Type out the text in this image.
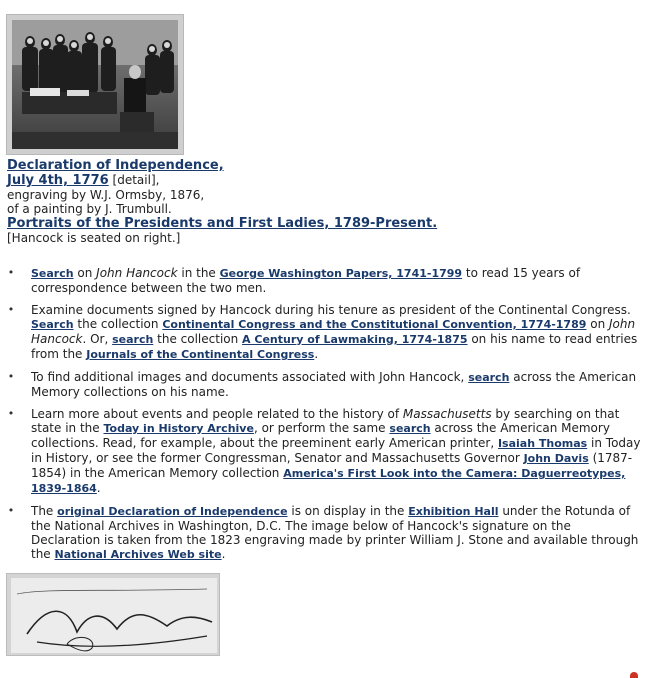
Declaration of Independence,
July 4th, 1776 [detail],
engraving by W.J. Ormsby, 1876,
of a painting by J. Trumbull.
Portraits of the Presidents and First Ladies, 1789-Present.
[Hancock is seated on right.]
• Search on John Hancock in the George Washington Papers, 1741-1799 to read 15 years of correspondence between the two men.
• Examine documents signed by Hancock during his tenure as president of the Continental Congress. Search the collection Continental Congress and the Constitutional Convention, 1774-1789 on John Hancock. Or, search the collection A Century of Lawmaking, 1774-1875 on his name to read entries from the Journals of the Continental Congress.
• To find additional images and documents associated with John Hancock, search across the American Memory collections on his name.
• Learn more about events and people related to the history of Massachusetts by searching on that state in the Today in History Archive, or perform the same search across the American Memory collections. Read, for example, about the preeminent early American printer, Isaiah Thomas in Today in History, or see the former Congressman, Senator and Massachusetts Governor John Davis (1787-1854) in the American Memory collection America's First Look into the Camera: Daguerreotypes, 1839-1864.
• The original Declaration of Independence is on display in the Exhibition Hall under the Rotunda of the National Archives in Washington, D.C. The image below of Hancock's signature on the Declaration is taken from the 1823 engraving made by printer William J. Stone and available through the National Archives Web site.
